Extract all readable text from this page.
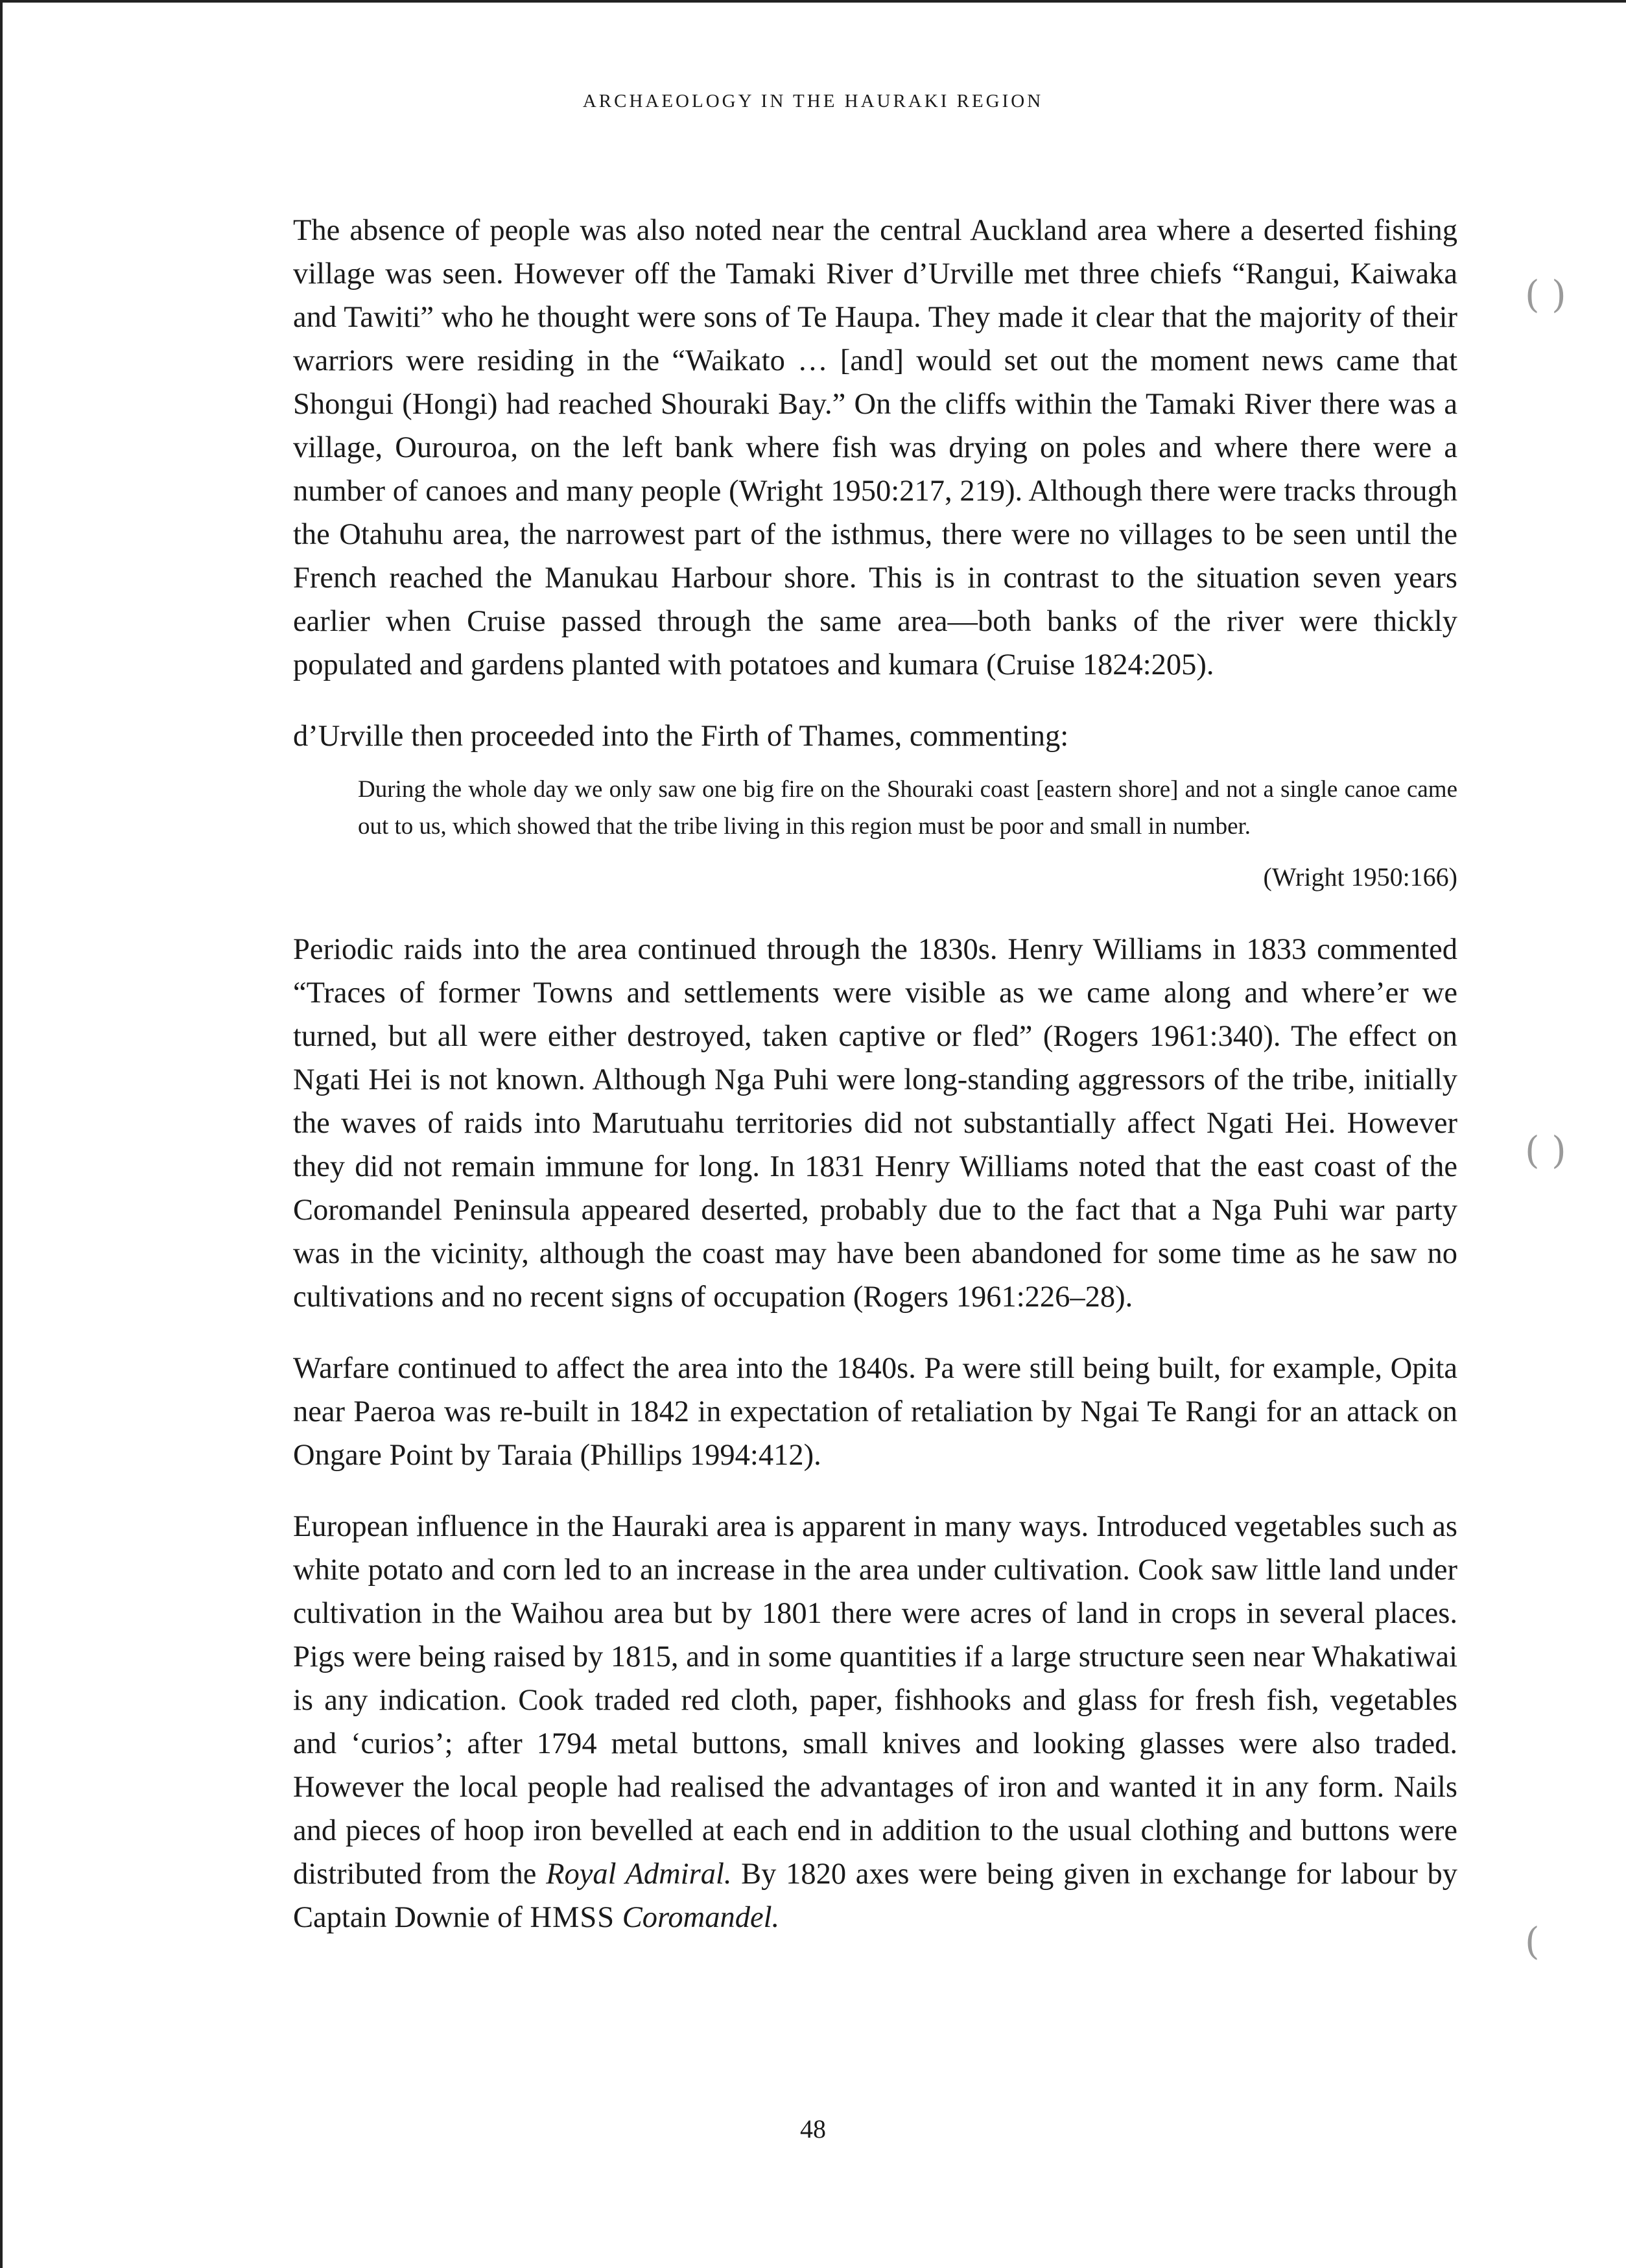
ARCHAEOLOGY IN THE HAURAKI REGION

The absence of people was also noted near the central Auckland area where a deserted fishing village was seen. However off the Tamaki River d’Urville met three chiefs “Rangui, Kaiwaka and Tawiti” who he thought were sons of Te Haupa. They made it clear that the majority of their warriors were residing in the “Waikato … [and] would set out the moment news came that Shongui (Hongi) had reached Shouraki Bay.” On the cliffs within the Tamaki River there was a village, Ourouroa, on the left bank where fish was drying on poles and where there were a number of canoes and many people (Wright 1950:217, 219). Although there were tracks through the Otahuhu area, the narrowest part of the isthmus, there were no villages to be seen until the French reached the Manukau Harbour shore. This is in contrast to the situation seven years earlier when Cruise passed through the same area—both banks of the river were thickly populated and gardens planted with potatoes and kumara (Cruise 1824:205).

d’Urville then proceeded into the Firth of Thames, commenting:

During the whole day we only saw one big fire on the Shouraki coast [eastern shore] and not a single canoe came out to us, which showed that the tribe living in this region must be poor and small in number.

(Wright 1950:166)

Periodic raids into the area continued through the 1830s. Henry Williams in 1833 commented “Traces of former Towns and settlements were visible as we came along and where’er we turned, but all were either destroyed, taken captive or fled” (Rogers 1961:340). The effect on Ngati Hei is not known. Although Nga Puhi were long-standing aggressors of the tribe, initially the waves of raids into Marutuahu territories did not substantially affect Ngati Hei. However they did not remain immune for long. In 1831 Henry Williams noted that the east coast of the Coromandel Peninsula appeared deserted, probably due to the fact that a Nga Puhi war party was in the vicinity, although the coast may have been abandoned for some time as he saw no cultivations and no recent signs of occupation (Rogers 1961:226–28).

Warfare continued to affect the area into the 1840s. Pa were still being built, for example, Opita near Paeroa was re-built in 1842 in expectation of retaliation by Ngai Te Rangi for an attack on Ongare Point by Taraia (Phillips 1994:412).

European influence in the Hauraki area is apparent in many ways. Introduced vegetables such as white potato and corn led to an increase in the area under cultivation. Cook saw little land under cultivation in the Waihou area but by 1801 there were acres of land in crops in several places. Pigs were being raised by 1815, and in some quantities if a large structure seen near Whakatiwai is any indication. Cook traded red cloth, paper, fishhooks and glass for fresh fish, vegetables and ‘curios’; after 1794 metal buttons, small knives and looking glasses were also traded. However the local people had realised the advantages of iron and wanted it in any form. Nails and pieces of hoop iron bevelled at each end in addition to the usual clothing and buttons were distributed from the Royal Admiral. By 1820 axes were being given in exchange for labour by Captain Downie of HMSS Coromandel.

( )
( )
(
48
